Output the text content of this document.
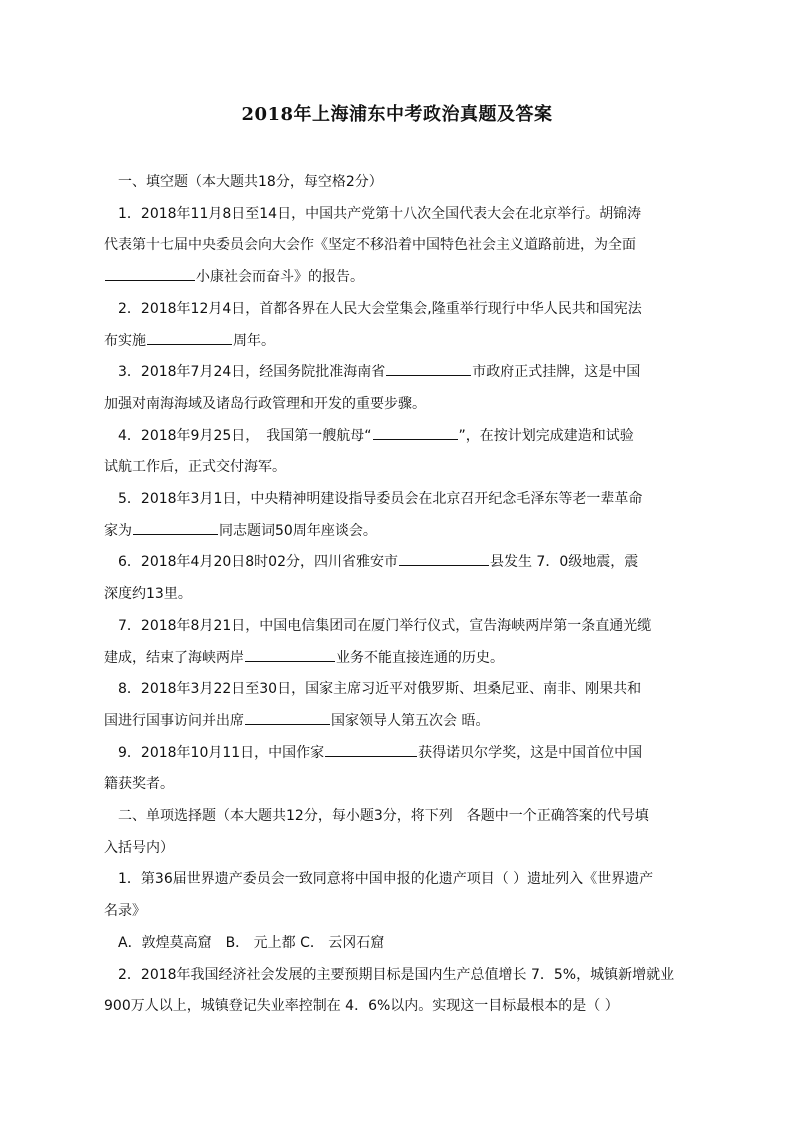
2018年上海浦东中考政治真题及答案

一、填空题（本大题共18分，每空格2分）

1．2018年11月8日至14日，中国共产党第十八次全国代表大会在北京举行。胡锦涛

代表第十七届中央委员会向大会作《坚定不移沿着中国特色社会主义道路前进，为全面

小康社会而奋斗》的报告。

2．2018年12月4日，首都各界在人民大会堂集会,隆重举行现行中华人民共和国宪法

布实施	周年。

3．2018年7月24日，经国务院批准海南省	市政府正式挂牌，这是中国

加强对南海海域及诸岛行政管理和开发的重要步骤。

4．2018年9月25日，　我国第一艘航母“	”，在按计划完成建造和试验

试航工作后，正式交付海军。

5．2018年3月1日，中央精神明建设指导委员会在北京召开纪念毛泽东等老一辈革命

家为	同志题词50周年座谈会。

6．2018年4月20日8时02分，四川省雅安市	县发生 7．0级地震，震

深度约13里。

7．2018年8月21日，中国电信集团司在厦门举行仪式，宣告海峡两岸第一条直通光缆

建成，结束了海峡两岸	业务不能直接连通的历史。

8．2018年3月22日至30日，国家主席习近平对俄罗斯、坦桑尼亚、南非、刚果共和

国进行国事访问并出席	国家领导人第五次会 晤。

9．2018年10月11日，中国作家	获得诺贝尔学奖，这是中国首位中国

籍获奖者。

二、单项选择题（本大题共12分，每小题3分，将下列　各题中一个正确答案的代号填

入括号内）

1．第36届世界遗产委员会一致同意将中国申报的化遗产项目（ ）遗址列入《世界遗产

名录》

A．敦煌莫高窟　B． 元上都 C． 云冈石窟

2．2018年我国经济社会发展的主要预期目标是国内生产总值增长 7．5%，城镇新增就业

900万人以上，城镇登记失业率控制在 4．6%以内。实现这一目标最根本的是（ ）
